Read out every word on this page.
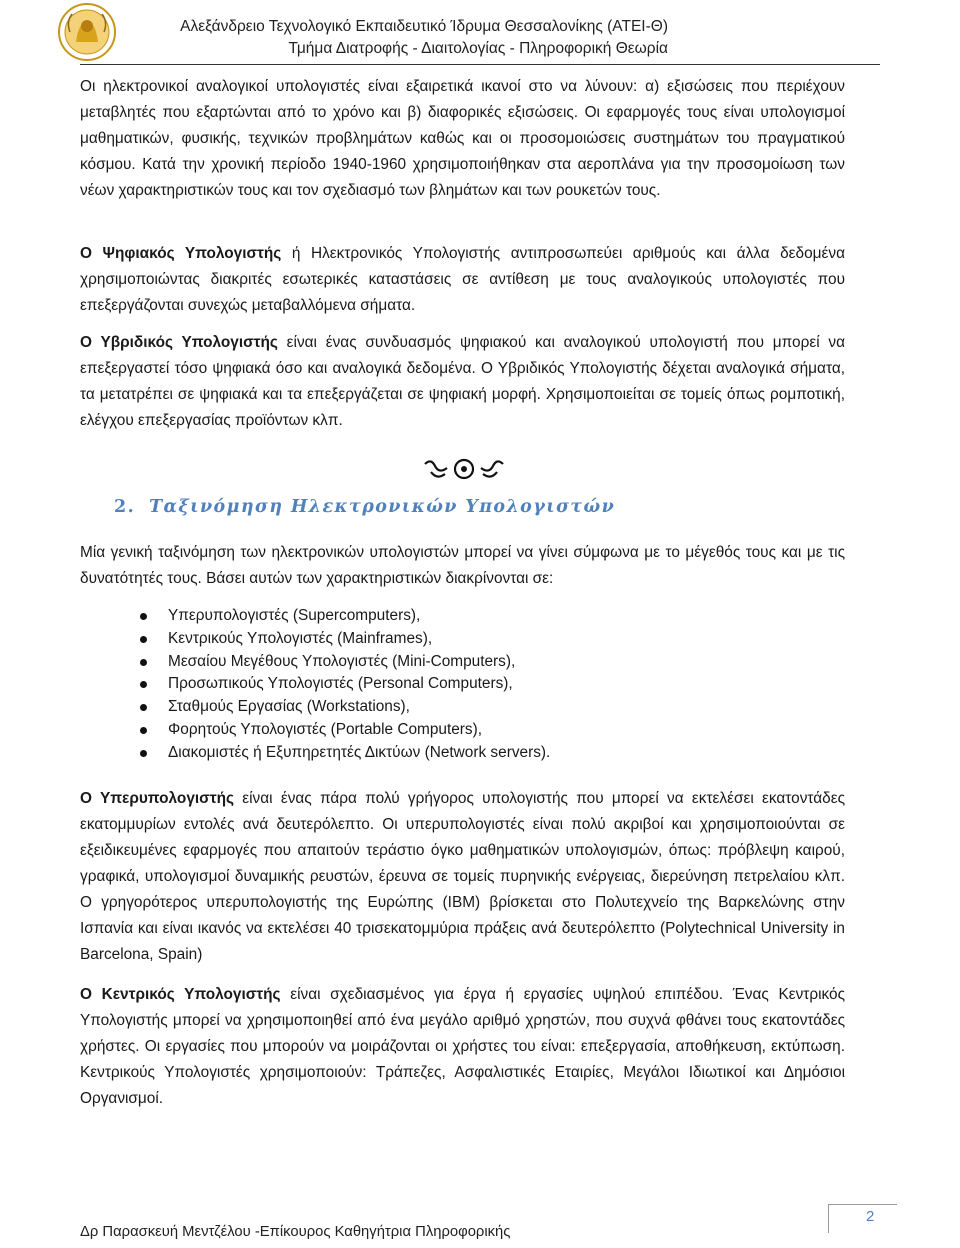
Αλεξάνδρειο Τεχνολογικό Εκπαιδευτικό Ίδρυμα Θεσσαλονίκης (ΑΤΕΙ-Θ)
Τμήμα Διατροφής - Διαιτολογίας - Πληροφορική Θεωρία

Οι ηλεκτρονικοί αναλογικοί υπολογιστές είναι εξαιρετικά ικανοί στο να λύνουν: α) εξισώσεις που περιέχουν μεταβλητές που εξαρτώνται από το χρόνο και β) διαφορικές εξισώσεις. Οι εφαρμογές τους είναι υπολογισμοί μαθηματικών, φυσικής, τεχνικών προβλημάτων καθώς και οι προσομοιώσεις συστημάτων του πραγματικού κόσμου. Κατά την χρονική περίοδο 1940-1960 χρησιμοποιήθηκαν στα αεροπλάνα για την προσομοίωση των νέων χαρακτηριστικών τους και τον σχεδιασμό των βλημάτων και των ρουκετών τους.

Ο Ψηφιακός Υπολογιστής ή Ηλεκτρονικός Υπολογιστής αντιπροσωπεύει αριθμούς και άλλα δεδομένα χρησιμοποιώντας διακριτές εσωτερικές καταστάσεις σε αντίθεση με τους αναλογικούς υπολογιστές που επεξεργάζονται συνεχώς μεταβαλλόμενα σήματα.

Ο Υβριδικός Υπολογιστής είναι ένας συνδυασμός ψηφιακού και αναλογικού υπολογιστή που μπορεί να επεξεργαστεί τόσο ψηφιακά όσο και αναλογικά δεδομένα. Ο Υβριδικός Υπολογιστής δέχεται αναλογικά σήματα, τα μετατρέπει σε ψηφιακά και τα επεξεργάζεται σε ψηφιακή μορφή. Χρησιμοποιείται σε τομείς όπως ρομποτική, ελέγχου επεξεργασίας προϊόντων κλπ.

2. Ταξινόμηση Ηλεκτρονικών Υπολογιστών

Μία γενική ταξινόμηση των ηλεκτρονικών υπολογιστών μπορεί να γίνει σύμφωνα με το μέγεθός τους και με τις δυνατότητές τους. Βάσει αυτών των χαρακτηριστικών διακρίνονται σε:

Υπερυπολογιστές (Supercomputers),
Κεντρικούς Υπολογιστές (Mainframes),
Μεσαίου Μεγέθους Υπολογιστές (Mini-Computers),
Προσωπικούς Υπολογιστές (Personal Computers),
Σταθμούς Εργασίας (Workstations),
Φορητούς Υπολογιστές (Portable Computers),
Διακομιστές ή Εξυπηρετητές Δικτύων (Network servers).

Ο Υπερυπολογιστής είναι ένας πάρα πολύ γρήγορος υπολογιστής που μπορεί να εκτελέσει εκατοντάδες εκατομμυρίων εντολές ανά δευτερόλεπτο. Οι υπερυπολογιστές είναι πολύ ακριβοί και χρησιμοποιούνται σε εξειδικευμένες εφαρμογές που απαιτούν τεράστιο όγκο μαθηματικών υπολογισμών, όπως: πρόβλεψη καιρού, γραφικά, υπολογισμοί δυναμικής ρευστών, έρευνα σε τομείς πυρηνικής ενέργειας, διερεύνηση πετρελαίου κλπ. Ο γρηγορότερος υπερυπολογιστής της Ευρώπης (IBM) βρίσκεται στο Πολυτεχνείο της Βαρκελώνης στην Ισπανία και είναι ικανός να εκτελέσει 40 τρισεκατομμύρια πράξεις ανά δευτερόλεπτο (Polytechnical University in Barcelona, Spain)

Ο Κεντρικός Υπολογιστής είναι σχεδιασμένος για έργα ή εργασίες υψηλού επιπέδου. Ένας Κεντρικός Υπολογιστής μπορεί να χρησιμοποιηθεί από ένα μεγάλο αριθμό χρηστών, που συχνά φθάνει τους εκατοντάδες χρήστες. Οι εργασίες που μπορούν να μοιράζονται οι χρήστες του είναι: επεξεργασία, αποθήκευση, εκτύπωση. Κεντρικούς Υπολογιστές χρησιμοποιούν: Τράπεζες, Ασφαλιστικές Εταιρίες, Μεγάλοι Ιδιωτικοί και Δημόσιοι Οργανισμοί.

2
Δρ Παρασκευή Μεντζέλου -Επίκουρος Καθηγήτρια Πληροφορικής
